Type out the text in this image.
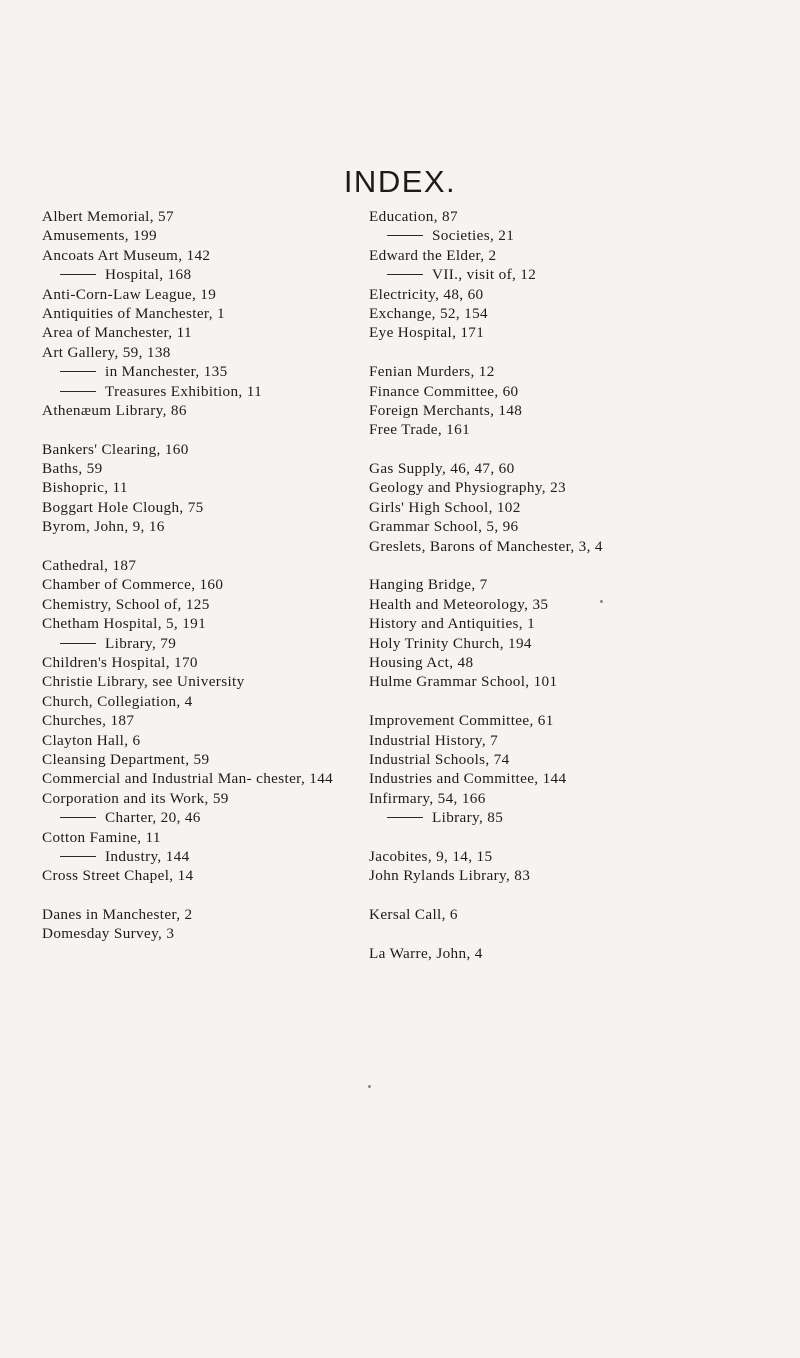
INDEX.
Albert Memorial, 57
Amusements, 199
Ancoats Art Museum, 142
Hospital, 168
Anti-Corn-Law League, 19
Antiquities of Manchester, 1
Area of Manchester, 11
Art Gallery, 59, 138
in Manchester, 135
Treasures Exhibition, 11
Athenæum Library, 86
Bankers' Clearing, 160
Baths, 59
Bishopric, 11
Boggart Hole Clough, 75
Byrom, John, 9, 16
Cathedral, 187
Chamber of Commerce, 160
Chemistry, School of, 125
Chetham Hospital, 5, 191
Library, 79
Children's Hospital, 170
Christie Library, see University
Church, Collegiation, 4
Churches, 187
Clayton Hall, 6
Cleansing Department, 59
Commercial and Industrial Man- chester, 144
Corporation and its Work, 59
Charter, 20, 46
Cotton Famine, 11
Industry, 144
Cross Street Chapel, 14
Danes in Manchester, 2
Domesday Survey, 3
Education, 87
Societies, 21
Edward the Elder, 2
VII., visit of, 12
Electricity, 48, 60
Exchange, 52, 154
Eye Hospital, 171
Fenian Murders, 12
Finance Committee, 60
Foreign Merchants, 148
Free Trade, 161
Gas Supply, 46, 47, 60
Geology and Physiography, 23
Girls' High School, 102
Grammar School, 5, 96
Greslets, Barons of Manchester, 3, 4
Hanging Bridge, 7
Health and Meteorology, 35
History and Antiquities, 1
Holy Trinity Church, 194
Housing Act, 48
Hulme Grammar School, 101
Improvement Committee, 61
Industrial History, 7
Industrial Schools, 74
Industries and Committee, 144
Infirmary, 54, 166
Library, 85
Jacobites, 9, 14, 15
John Rylands Library, 83
Kersal Call, 6
La Warre, John, 4
